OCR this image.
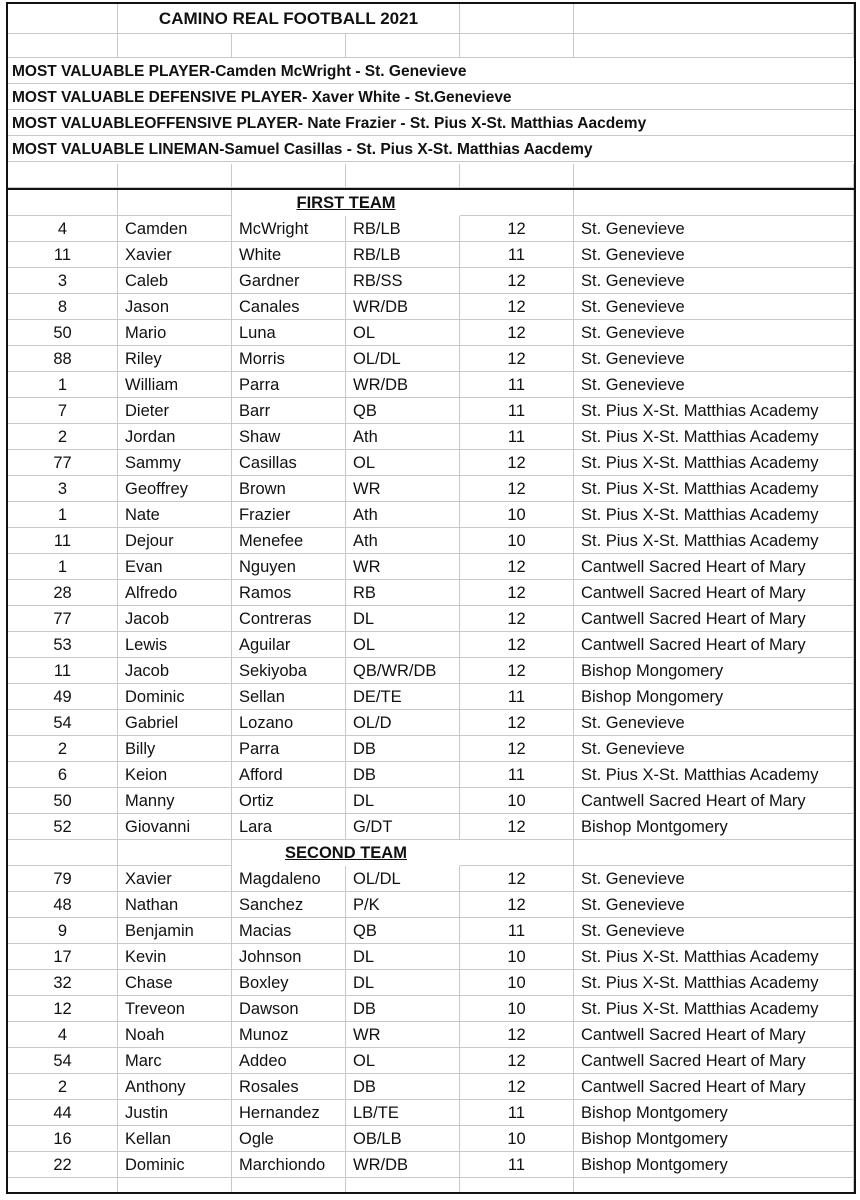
CAMINO REAL FOOTBALL 2021
MOST VALUABLE PLAYER-Camden McWright - St. Genevieve
MOST VALUABLE DEFENSIVE PLAYER- Xaver White - St.Genevieve
MOST VALUABLEOFFENSIVE PLAYER- Nate Frazier - St. Pius X-St. Matthias Aacdemy
MOST VALUABLE LINEMAN-Samuel Casillas - St. Pius X-St. Matthias Aacdemy
FIRST TEAM
4	Camden	McWright	RB/LB	12	St. Genevieve
11	Xavier	White	RB/LB	11	St. Genevieve
3	Caleb	Gardner	RB/SS	12	St. Genevieve
8	Jason	Canales	WR/DB	12	St. Genevieve
50	Mario	Luna	OL	12	St. Genevieve
88	Riley	Morris	OL/DL	12	St. Genevieve
1	William	Parra	WR/DB	11	St. Genevieve
7	Dieter	Barr	QB	11	St. Pius X-St. Matthias Academy
2	Jordan	Shaw	Ath	11	St. Pius X-St. Matthias Academy
77	Sammy	Casillas	OL	12	St. Pius X-St. Matthias Academy
3	Geoffrey	Brown	WR	12	St. Pius X-St. Matthias Academy
1	Nate	Frazier	Ath	10	St. Pius X-St. Matthias Academy
11	Dejour	Menefee	Ath	10	St. Pius X-St. Matthias Academy
1	Evan	Nguyen	WR	12	Cantwell Sacred Heart of Mary
28	Alfredo	Ramos	RB	12	Cantwell Sacred Heart of Mary
77	Jacob	Contreras	DL	12	Cantwell Sacred Heart of Mary
53	Lewis	Aguilar	OL	12	Cantwell Sacred Heart of Mary
11	Jacob	Sekiyoba	QB/WR/DB	12	Bishop Mongomery
49	Dominic	Sellan	DE/TE	11	Bishop Mongomery
54	Gabriel	Lozano	OL/D	12	St. Genevieve
2	Billy	Parra	DB	12	St. Genevieve
6	Keion	Afford	DB	11	St. Pius X-St. Matthias Academy
50	Manny	Ortiz	DL	10	Cantwell Sacred Heart of Mary
52	Giovanni	Lara	G/DT	12	Bishop Montgomery
SECOND TEAM
79	Xavier	Magdaleno	OL/DL	12	St. Genevieve
48	Nathan	Sanchez	P/K	12	St. Genevieve
9	Benjamin	Macias	QB	11	St. Genevieve
17	Kevin	Johnson	DL	10	St. Pius X-St. Matthias Academy
32	Chase	Boxley	DL	10	St. Pius X-St. Matthias Academy
12	Treveon	Dawson	DB	10	St. Pius X-St. Matthias Academy
4	Noah	Munoz	WR	12	Cantwell Sacred Heart of Mary
54	Marc	Addeo	OL	12	Cantwell Sacred Heart of Mary
2	Anthony	Rosales	DB	12	Cantwell Sacred Heart of Mary
44	Justin	Hernandez	LB/TE	11	Bishop Montgomery
16	Kellan	Ogle	OB/LB	10	Bishop Montgomery
22	Dominic	Marchiondo	WR/DB	11	Bishop Montgomery
